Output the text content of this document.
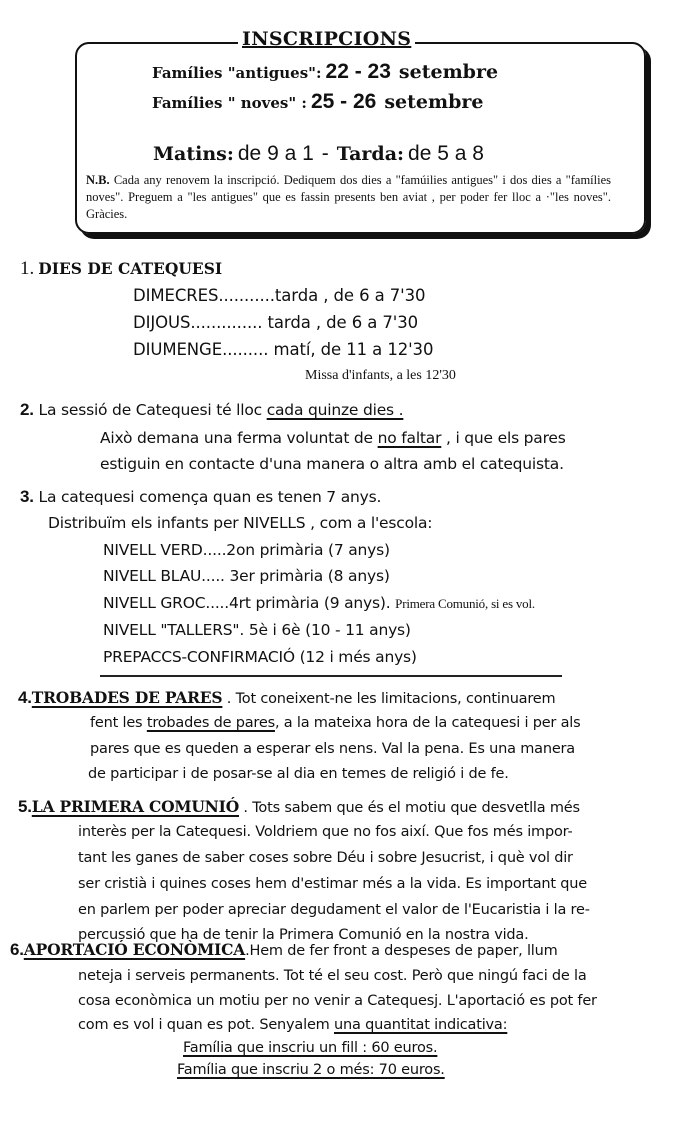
INSCRIPCIONS
Famílies "antigues": 22 - 23 setembre
Famílies " noves" : 25 - 26 setembre
Matins: de 9 a 1 - Tarda: de 5 a 8
N.B. Cada any renovem la inscripció. Dediquem dos dies a "famúilies antigues" i dos dies a "famílies noves". Preguem a "les antigues" que es fassin presents ben aviat , per poder fer lloc a ·"les noves". Gràcies.
1. DIES DE CATEQUESI
DIMECRES...........tarda , de 6 a 7'30
DIJOUS.............. tarda , de 6 a 7'30
DIUMENGE......... matí, de 11 a 12'30
Missa d'infants, a les 12'30
2. La sessió de Catequesi té lloc cada quinze dies .
Això demana una ferma voluntat de no faltar , i que els pares
estiguin en contacte d'una manera o altra amb el catequista.
3. La catequesi comença quan es tenen 7 anys.
Distribuïm els infants per NIVELLS , com a l'escola:
NIVELL VERD.....2on primària (7 anys)
NIVELL BLAU..... 3er primària (8 anys)
NIVELL GROC.....4rt primària (9 anys). Primera Comunió, si es vol.
NIVELL "TALLERS". 5è i 6è (10 - 11 anys)
PREPACCS-CONFIRMACIÓ (12 i més anys)
4.TROBADES DE PARES . Tot coneixent-ne les limitacions, continuarem
fent les trobades de pares, a la mateixa hora de la catequesi i per als
pares que es queden a esperar els nens. Val la pena. Es una manera
de participar i de posar-se al dia en temes de religió i de fe.
5.LA PRIMERA COMUNIÓ . Tots sabem que és el motiu que desvetlla més
interès per la Catequesi. Voldriem que no fos així. Que fos més impor-
tant les ganes de saber coses sobre Déu i sobre Jesucrist, i què vol dir
ser cristià i quines coses hem d'estimar més a la vida. Es important que
en parlem per poder apreciar degudament el valor de l'Eucaristia i la re-
percussió que ha de tenir la Primera Comunió en la nostra vida.
6.APORTACIÓ ECONÒMICA.Hem de fer front a despeses de paper, llum
neteja i serveis permanents. Tot té el seu cost. Però que ningú faci de la
cosa econòmica un motiu per no venir a Catequesj. L'aportació es pot fer
com es vol i quan es pot. Senyalem una quantitat indicativa:
Família que inscriu un fill : 60 euros.
Família que inscriu 2 o més: 70 euros.
